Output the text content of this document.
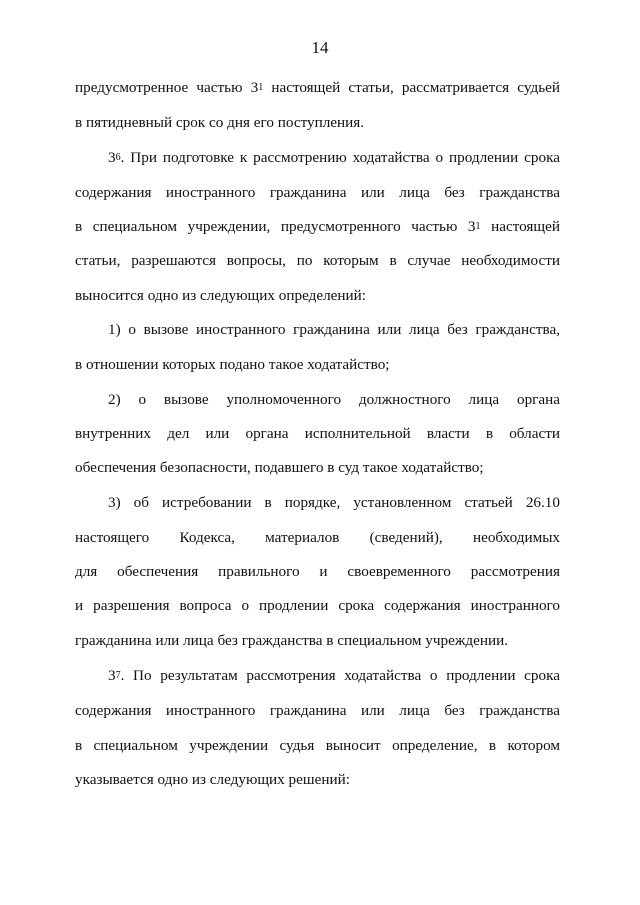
14
предусмотренное частью $3^1$ настоящей статьи, рассматривается судьей
в пятидневный срок со дня его поступления.
$3^6$. При подготовке к рассмотрению ходатайства о продлении срока
содержания иностранного гражданина или лица без гражданства
в специальном учреждении, предусмотренного частью $3^1$ настоящей
статьи, разрешаются вопросы, по которым в случае необходимости
выносится одно из следующих определений:
1) о вызове иностранного гражданина или лица без гражданства,
в отношении которых подано такое ходатайство;
2) о вызове уполномоченного должностного лица органа
внутренних дел или органа исполнительной власти в области
обеспечения безопасности, подавшего в суд такое ходатайство;
3) об истребовании в порядке, установленном статьей 26.10
настоящего Кодекса, материалов (сведений), необходимых
для обеспечения правильного и своевременного рассмотрения
и разрешения вопроса о продлении срока содержания иностранного
гражданина или лица без гражданства в специальном учреждении.
$3^7$. По результатам рассмотрения ходатайства о продлении срока
содержания иностранного гражданина или лица без гражданства
в специальном учреждении судья выносит определение, в котором
указывается одно из следующих решений:
